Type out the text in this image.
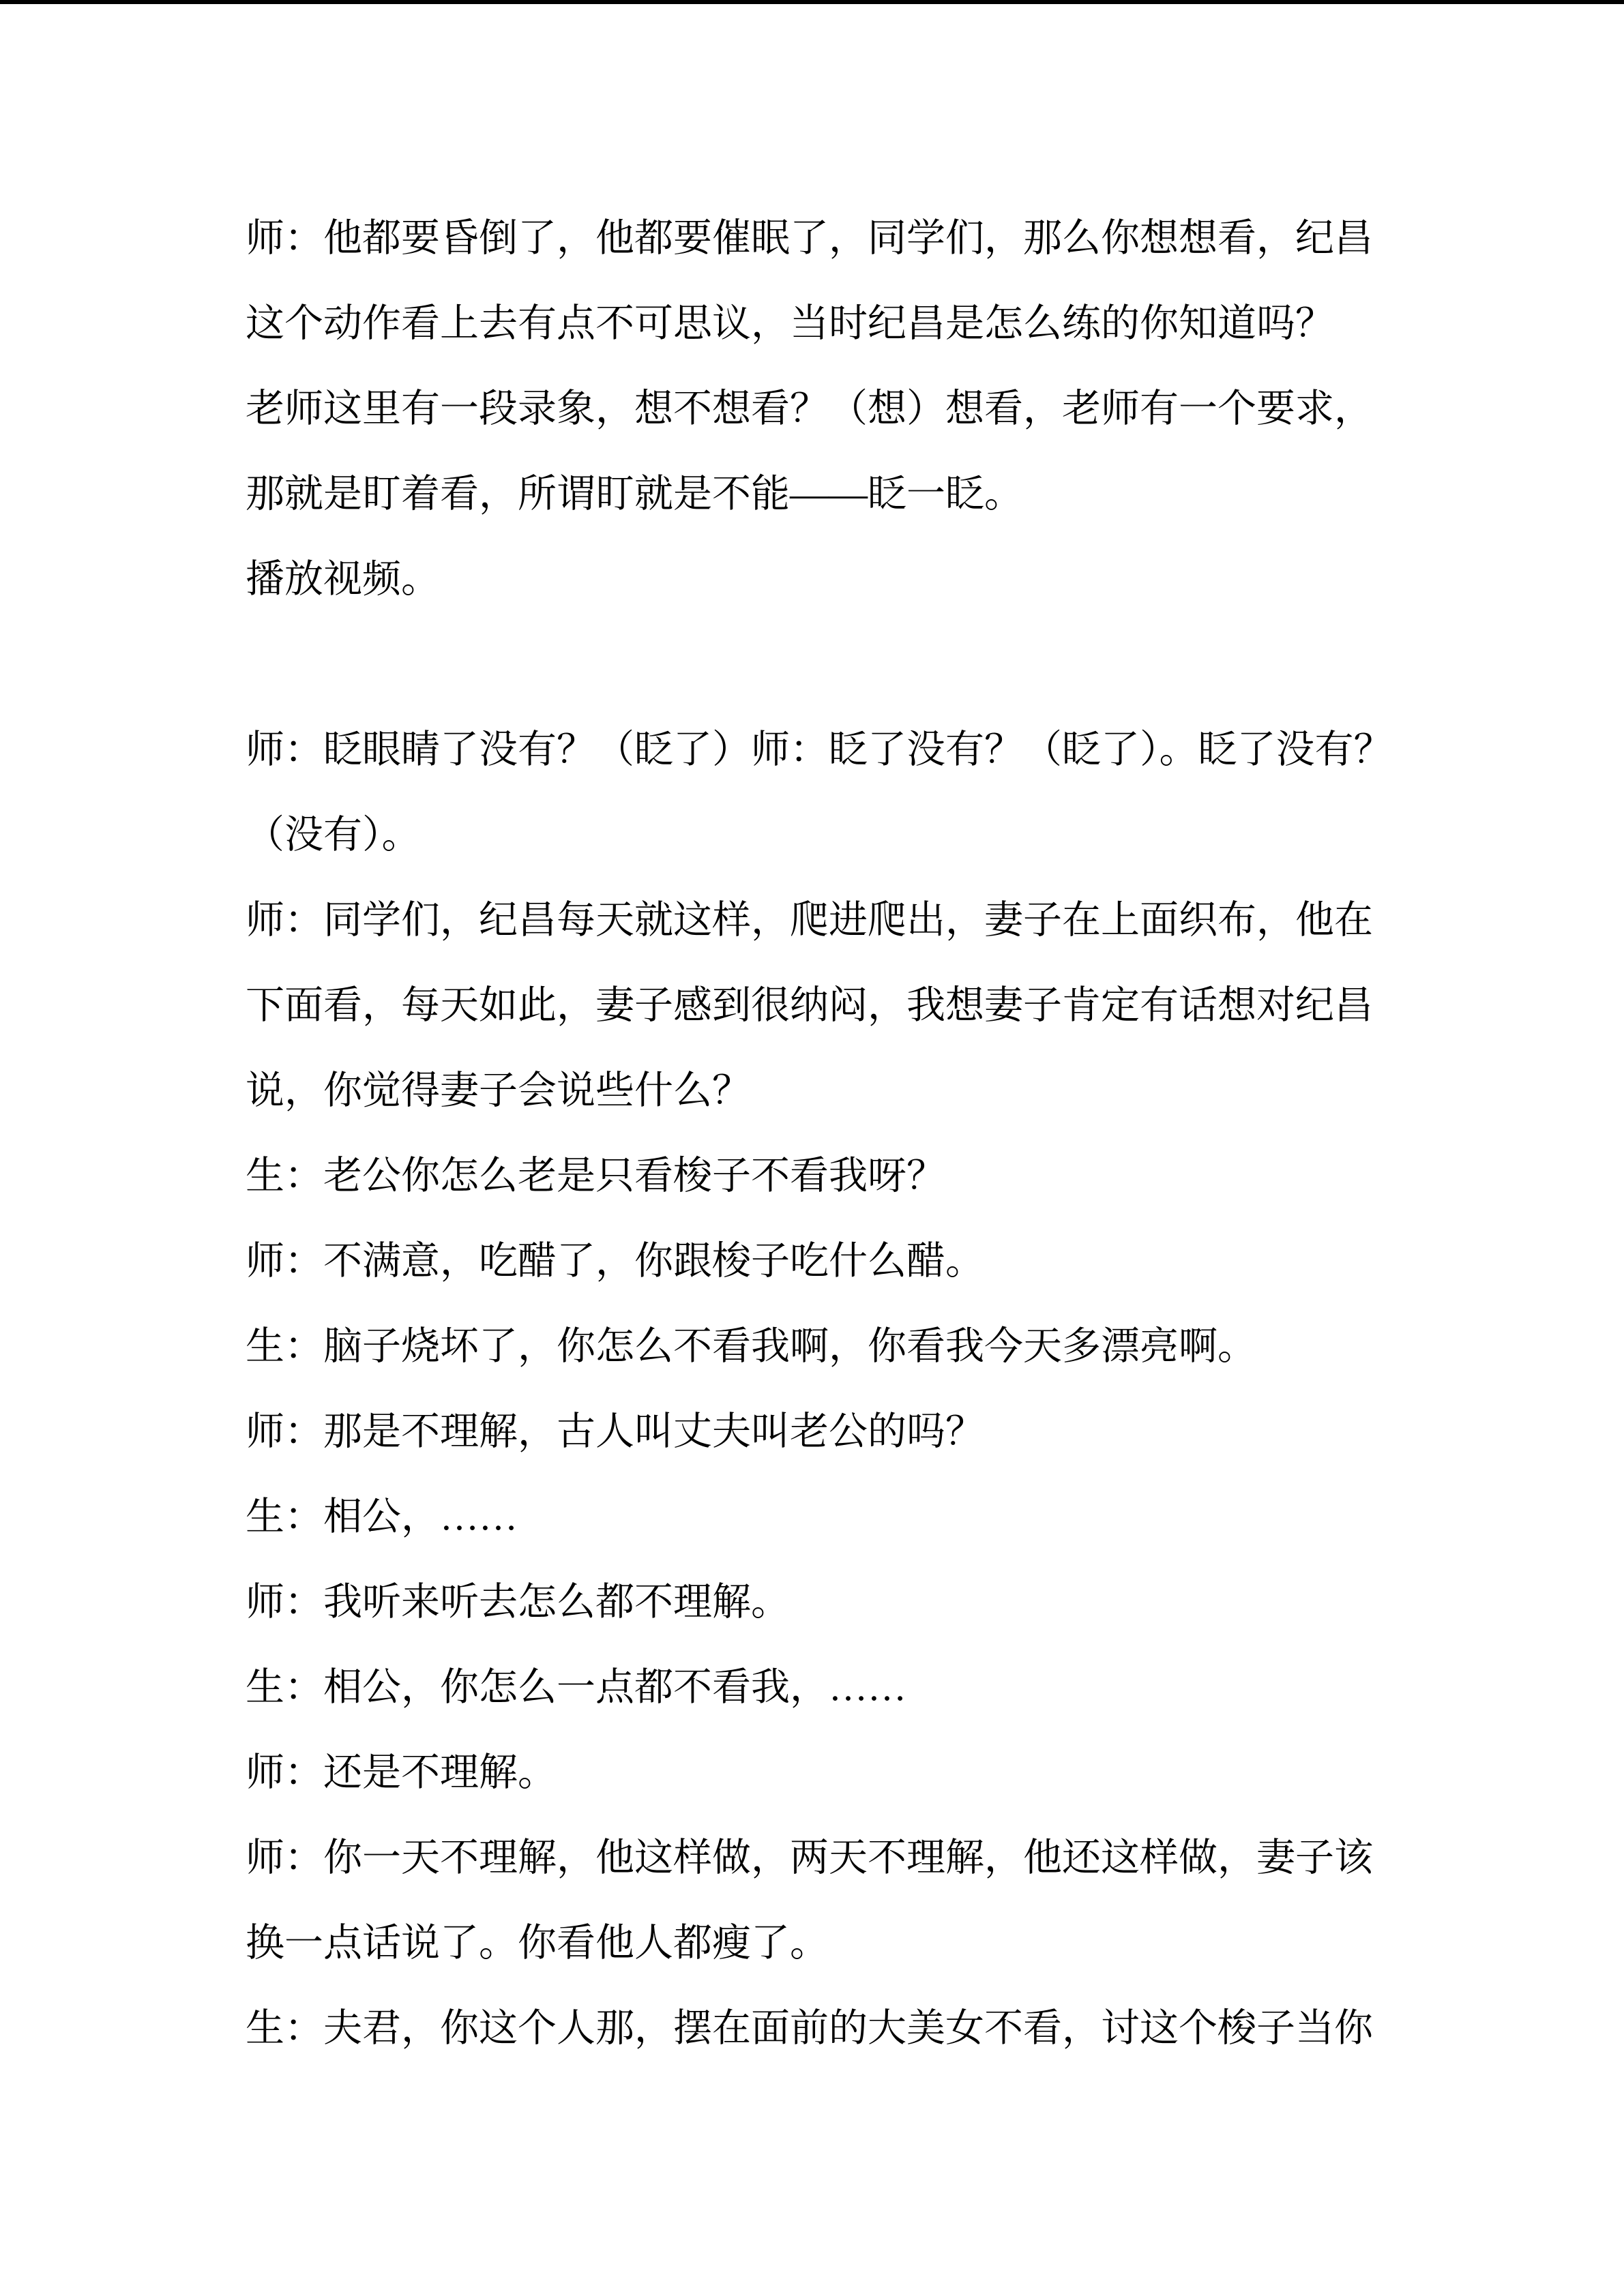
师：他都要昏倒了，他都要催眠了，同学们，那么你想想看，纪昌

这个动作看上去有点不可思议，当时纪昌是怎么练的你知道吗？

老师这里有一段录象，想不想看？（想）想看，老师有一个要求，

那就是盯着看，所谓盯就是不能——眨一眨。

播放视频。

师：眨眼睛了没有？（眨了）师：眨了没有？（眨了）。眨了没有？

（没有）。

师：同学们，纪昌每天就这样，爬进爬出，妻子在上面织布，他在

下面看，每天如此，妻子感到很纳闷，我想妻子肯定有话想对纪昌

说，你觉得妻子会说些什么？

生：老公你怎么老是只看梭子不看我呀？

师：不满意，吃醋了，你跟梭子吃什么醋。

生：脑子烧坏了，你怎么不看我啊，你看我今天多漂亮啊。

师：那是不理解，古人叫丈夫叫老公的吗？

生：相公，……

师：我听来听去怎么都不理解。

生：相公，你怎么一点都不看我，……

师：还是不理解。

师：你一天不理解，他这样做，两天不理解，他还这样做，妻子该

换一点话说了。你看他人都瘦了。

生：夫君，你这个人那，摆在面前的大美女不看，讨这个梭子当你
